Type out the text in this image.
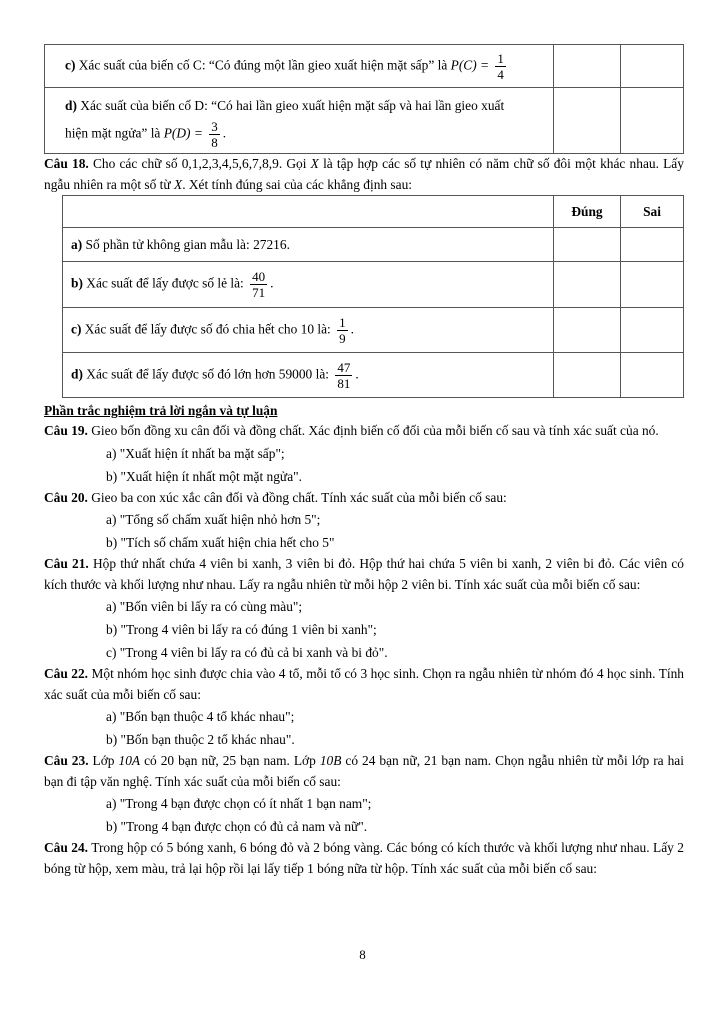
c) Xác suất của biến cố C: “Có đúng một lần gieo xuất hiện mặt sấp” là $P(C) = \frac{1}{4}$

d) Xác suất của biến cố D: “Có hai lần gieo xuất hiện mặt sấp và hai lần gieo xuất
hiện mặt ngửa” là $P(D) = \frac{3}{8}$ .		

Câu 18. Cho các chữ số 0,1,2,3,4,5,6,7,8,9. Gọi X là tập hợp các số tự nhiên có năm chữ số đôi một khác nhau. Lấy ngẫu nhiên ra một số từ X. Xét tính đúng sai của các khẳng định sau:

	Đúng	Sai
a) Số phần tử không gian mẫu là: 27216.		
b) Xác suất để lấy được số lẻ là: $\frac{40}{71}$ .		
c) Xác suất để lấy được số đó chia hết cho 10 là: $\frac{1}{9}$ .		
d) Xác suất để lấy được số đó lớn hơn 59000 là: $\frac{47}{81}$ .		

Phần trắc nghiệm trả lời ngắn và tự luận

Câu 19. Gieo bốn đồng xu cân đối và đồng chất. Xác định biến cố đối của mỗi biến cố sau và tính xác suất của nó.

a) "Xuất hiện ít nhất ba mặt sấp";

b) "Xuất hiện ít nhất một mặt ngửa".

Câu 20. Gieo ba con xúc xắc cân đối và đồng chất. Tính xác suất của mỗi biến cố sau:

a) "Tổng số chấm xuất hiện nhỏ hơn 5";

b) "Tích số chấm xuất hiện chia hết cho 5"

Câu 21. Hộp thứ nhất chứa 4 viên bi xanh, 3 viên bi đỏ. Hộp thứ hai chứa 5 viên bi xanh, 2 viên bi đỏ. Các viên có kích thước và khối lượng như nhau. Lấy ra ngẫu nhiên từ mỗi hộp 2 viên bi. Tính xác suất của mỗi biến cố sau:

a) "Bốn viên bi lấy ra có cùng màu";

b) "Trong 4 viên bi lấy ra có đúng 1 viên bi xanh";

c) "Trong 4 viên bi lấy ra có đủ cả bi xanh và bi đỏ".

Câu 22. Một nhóm học sinh được chia vào 4 tổ, mỗi tổ có 3 học sinh. Chọn ra ngẫu nhiên từ nhóm đó 4 học sinh. Tính xác suất của mỗi biến cố sau:

a) "Bốn bạn thuộc 4 tổ khác nhau";

b) "Bốn bạn thuộc 2 tổ khác nhau".

Câu 23. Lớp 10A có 20 bạn nữ, 25 bạn nam. Lớp 10B có 24 bạn nữ, 21 bạn nam. Chọn ngẫu nhiên từ mỗi lớp ra hai bạn đi tập văn nghệ. Tính xác suất của mỗi biến cố sau:

a) "Trong 4 bạn được chọn có ít nhất 1 bạn nam";

b) "Trong 4 bạn được chọn có đủ cả nam và nữ".

Câu 24. Trong hộp có 5 bóng xanh, 6 bóng đỏ và 2 bóng vàng. Các bóng có kích thước và khối lượng như nhau. Lấy 2 bóng từ hộp, xem màu, trả lại hộp rồi lại lấy tiếp 1 bóng nữa từ hộp. Tính xác suất của mỗi biến cố sau:

8
